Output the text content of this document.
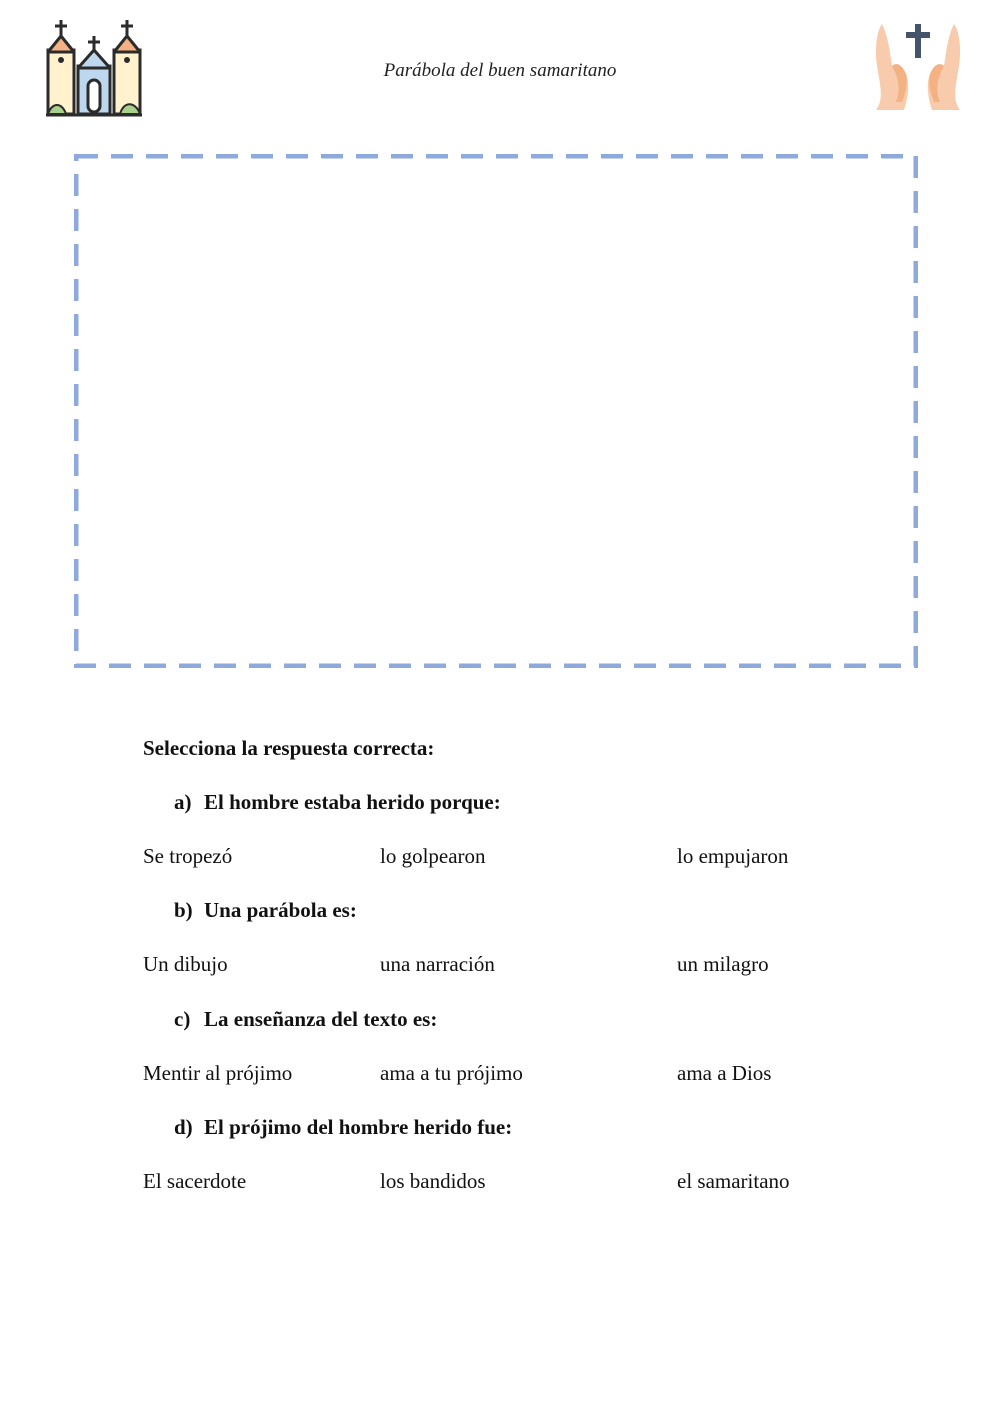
Parábola del buen samaritano
Selecciona la respuesta correcta:
a) El hombre estaba herido porque:
Se tropezó	lo golpearon	lo empujaron
b) Una parábola es:
Un dibujo	una narración	un milagro
c) La enseñanza del texto es:
Mentir al prójimo	ama a tu prójimo	ama a Dios
d) El prójimo del hombre herido fue:
El sacerdote	los bandidos	el samaritano
